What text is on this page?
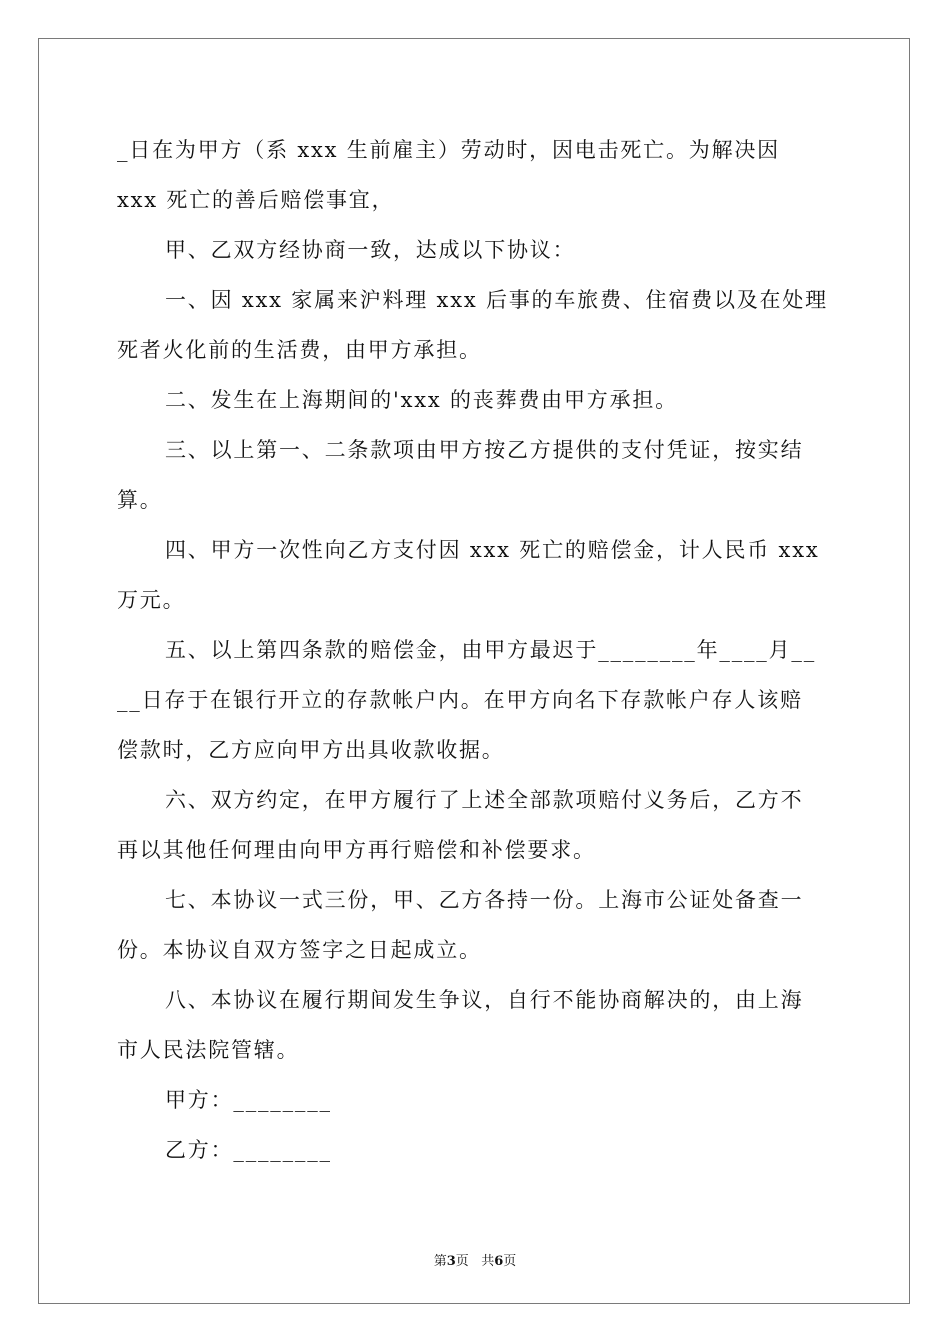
_日在为甲方（系 xxx 生前雇主）劳动时，因电击死亡。为解决因

xxx 死亡的善后赔偿事宜，

甲、乙双方经协商一致，达成以下协议：

一、因 xxx 家属来沪料理 xxx 后事的车旅费、住宿费以及在处理

死者火化前的生活费，由甲方承担。

二、发生在上海期间的'xxx 的丧葬费由甲方承担。

三、以上第一、二条款项由甲方按乙方提供的支付凭证，按实结

算。

四、甲方一次性向乙方支付因 xxx 死亡的赔偿金，计人民币 xxx

万元。

五、以上第四条款的赔偿金，由甲方最迟于________年____月__

__日存于在银行开立的存款帐户内。在甲方向名下存款帐户存人该赔

偿款时，乙方应向甲方出具收款收据。

六、双方约定，在甲方履行了上述全部款项赔付义务后，乙方不

再以其他任何理由向甲方再行赔偿和补偿要求。

七、本协议一式三份，甲、乙方各持一份。上海市公证处备查一

份。本协议自双方签字之日起成立。

八、本协议在履行期间发生争议，自行不能协商解决的，由上海

市人民法院管辖。

甲方：________

乙方：________

第3页 共6页
